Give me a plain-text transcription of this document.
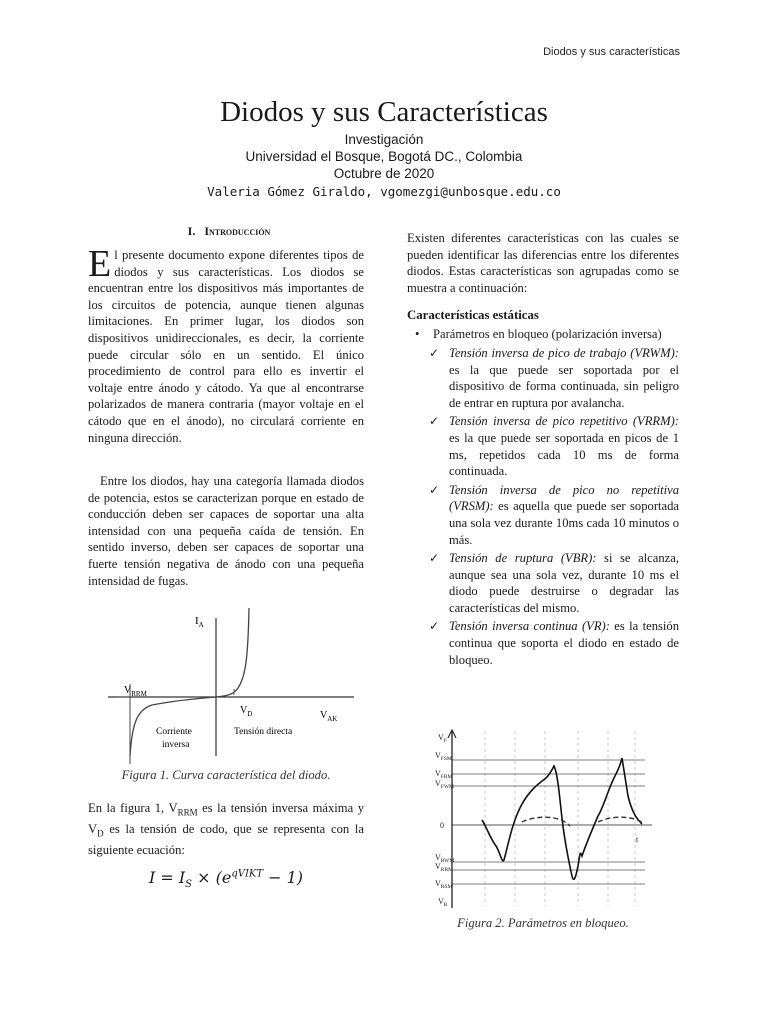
Diodos y sus características
Diodos y sus Características
Investigación
Universidad el Bosque, Bogotá DC., Colombia
Octubre de 2020
Valeria Gómez Giraldo, vgomezgi@unbosque.edu.co
I. Introducción

El presente documento expone diferentes tipos de diodos y sus características. Los diodos se encuentran entre los dispositivos más importantes de los circuitos de potencia, aunque tienen algunas limitaciones. En primer lugar, los diodos son dispositivos unidireccionales, es decir, la corriente puede circular sólo en un sentido. El único procedimiento de control para ello es invertir el voltaje entre ánodo y cátodo. Ya que al encontrarse polarizados de manera contraria (mayor voltaje en el cátodo que en el ánodo), no circulará corriente en ninguna dirección.

Entre los diodos, hay una categoría llamada diodos de potencia, estos se caracterizan porque en estado de conducción deben ser capaces de soportar una alta intensidad con una pequeña caída de tensión. En sentido inverso, deben ser capaces de soportar una fuerte tensión negativa de ánodo con una pequeña intensidad de fugas.

$I_A$
$V_{RRM}$
$V_D$	$V_{AK}$
Corriente
inversa
Tensión directa
Figura 1. Curva característica del diodo.

En la figura 1, $V_{RRM}$ es la tensión inversa máxima y $V_D$ es la tensión de codo, que se representa con la siguiente ecuación:

$I = I_S \times (e^{qVIKT} - 1)$

Existen diferentes características con las cuales se pueden identificar las diferencias entre los diferentes diodos. Estas características son agrupadas como se muestra a continuación:

Características estáticas
• Parámetros en bloqueo (polarización inversa)
✓ Tensión inversa de pico de trabajo (VRWM): es la que puede ser soportada por el dispositivo de forma continuada, sin peligro de entrar en ruptura por avalancha.
✓ Tensión inversa de pico repetitivo (VRRM): es la que puede ser soportada en picos de 1 ms, repetidos cada 10 ms de forma continuada.
✓ Tensión inversa de pico no repetitiva (VRSM): es aquella que puede ser soportada una sola vez durante 10ms cada 10 minutos o más.
✓ Tensión de ruptura (VBR): si se alcanza, aunque sea una sola vez, durante 10 ms el diodo puede destruirse o degradar las características del mismo.
✓ Tensión inversa continua (VR): es la tensión continua que soporta el diodo en estado de bloqueo.
$V_F$
$V_{FSM}$
$V_{FRM}$
$V_{FWM}$
0
t
$V_{RWM}$
$V_{RRM}$
$V_{RSM}$
$V_R$
Figura 2. Parámetros en bloqueo.
